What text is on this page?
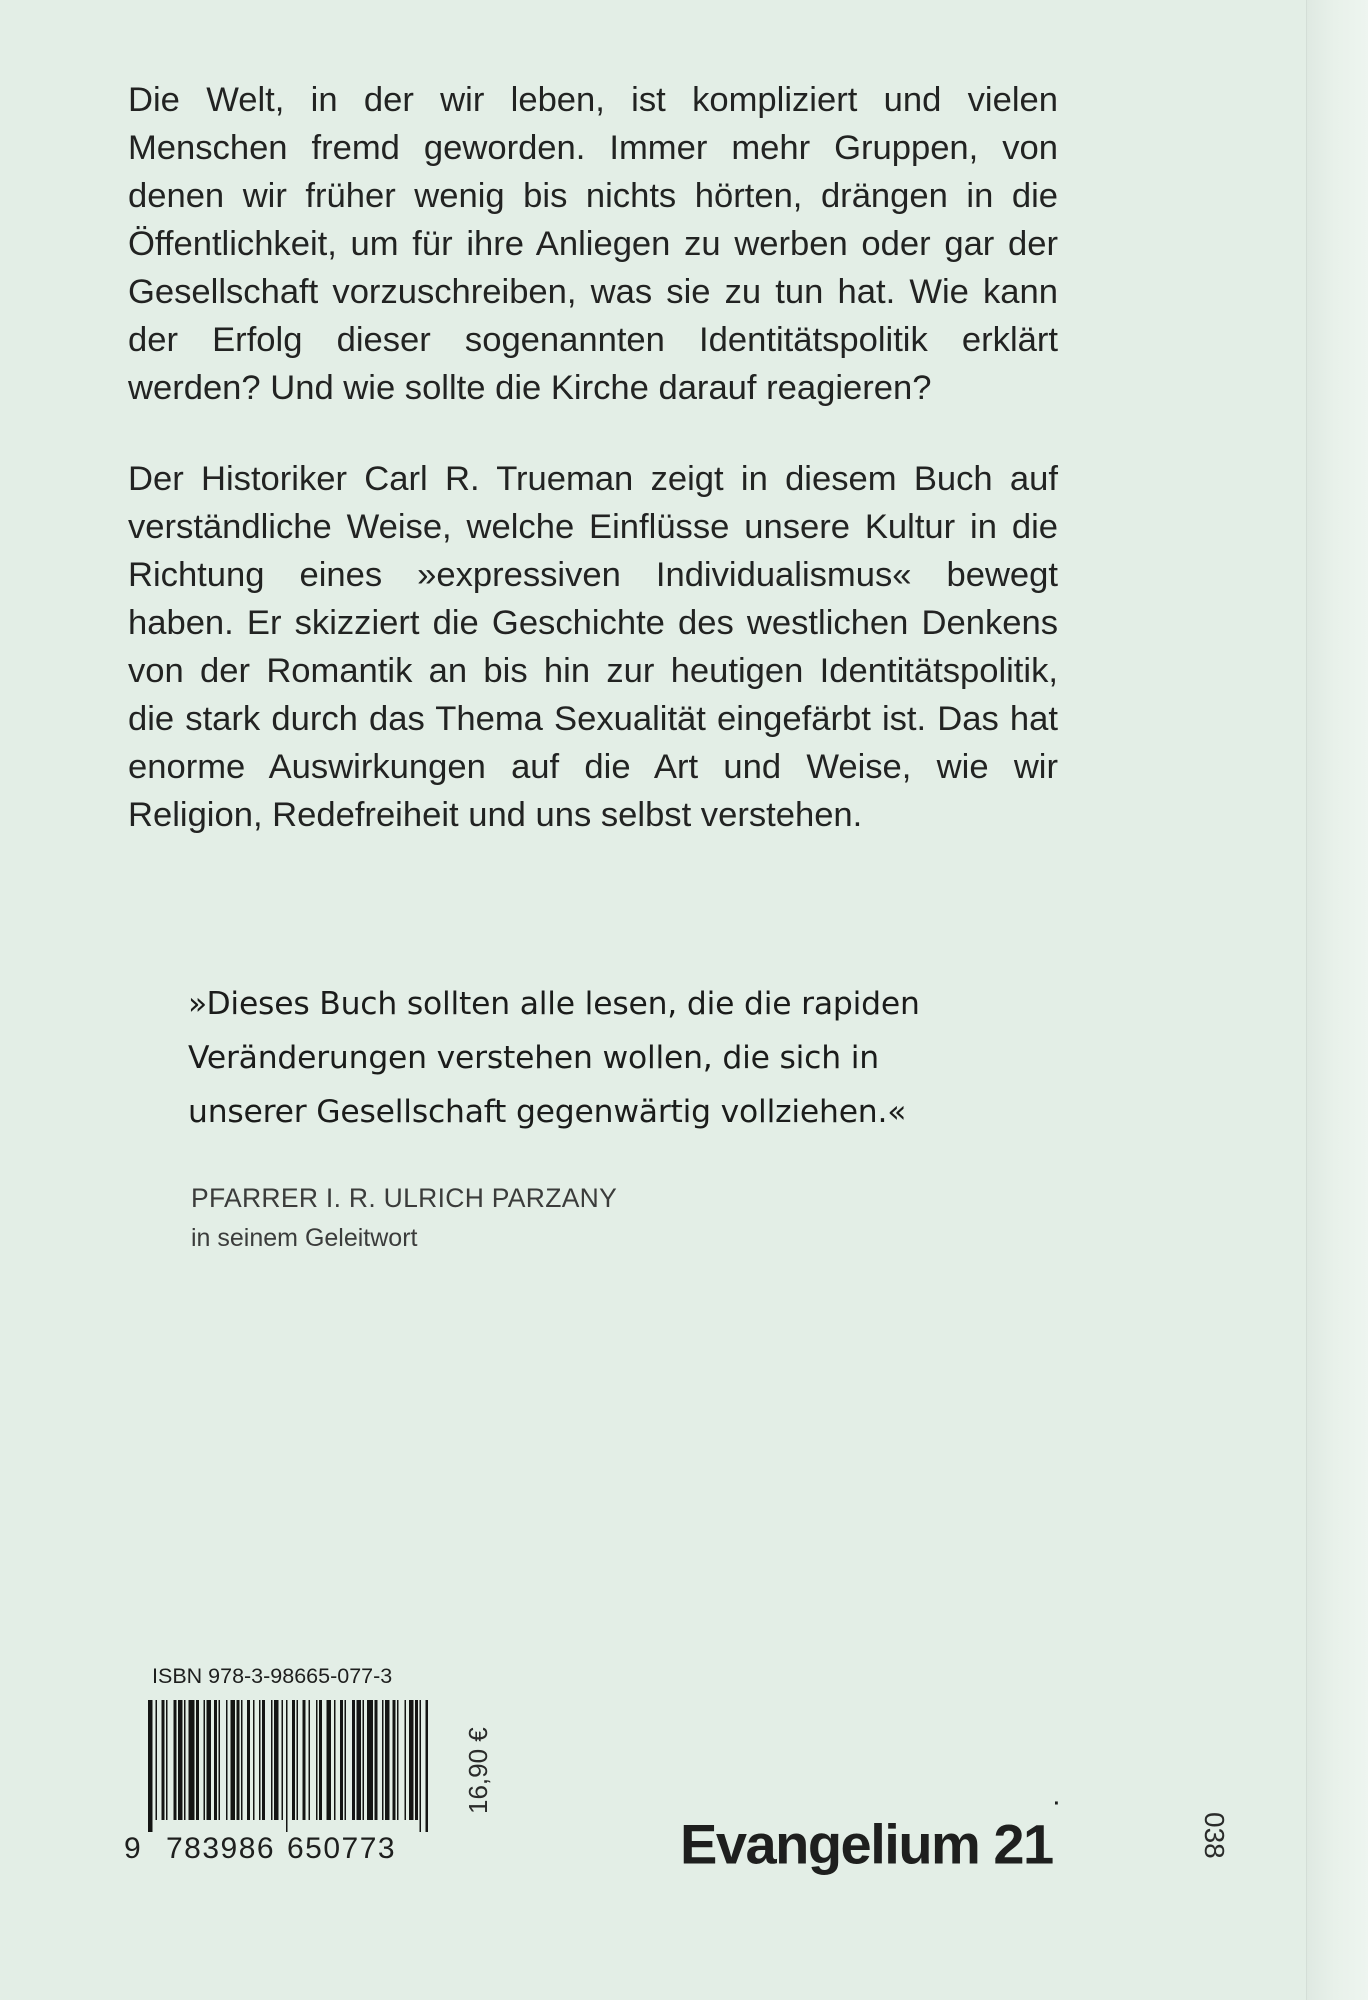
Die Welt, in der wir leben, ist kompliziert und vielen Menschen fremd geworden. Immer mehr Gruppen, von denen wir früher wenig bis nichts hörten, drängen in die Öffentlichkeit, um für ihre Anliegen zu werben oder gar der Gesellschaft vorzuschreiben, was sie zu tun hat. Wie kann der Erfolg dieser sogenannten Identitätspolitik erklärt werden? Und wie sollte die Kirche darauf reagieren?

Der Historiker Carl R. Trueman zeigt in diesem Buch auf verständliche Weise, welche Einflüsse unsere Kultur in die Richtung eines »expressiven Individualismus« bewegt haben. Er skizziert die Geschichte des westlichen Denkens von der Romantik an bis hin zur heutigen Identitätspolitik, die stark durch das Thema Sexualität eingefärbt ist. Das hat enorme Auswirkungen auf die Art und Weise, wie wir Religion, Redefreiheit und uns selbst verstehen.

»Dieses Buch sollten alle lesen, die die rapiden Veränderungen verstehen wollen, die sich in unserer Gesellschaft gegenwärtig vollziehen.«

PFARRER I. R. ULRICH PARZANY
in seinem Geleitwort
ISBN 978-3-98665-077-3
9 783986 650773
16,90 €
Evangelium 21·
038
